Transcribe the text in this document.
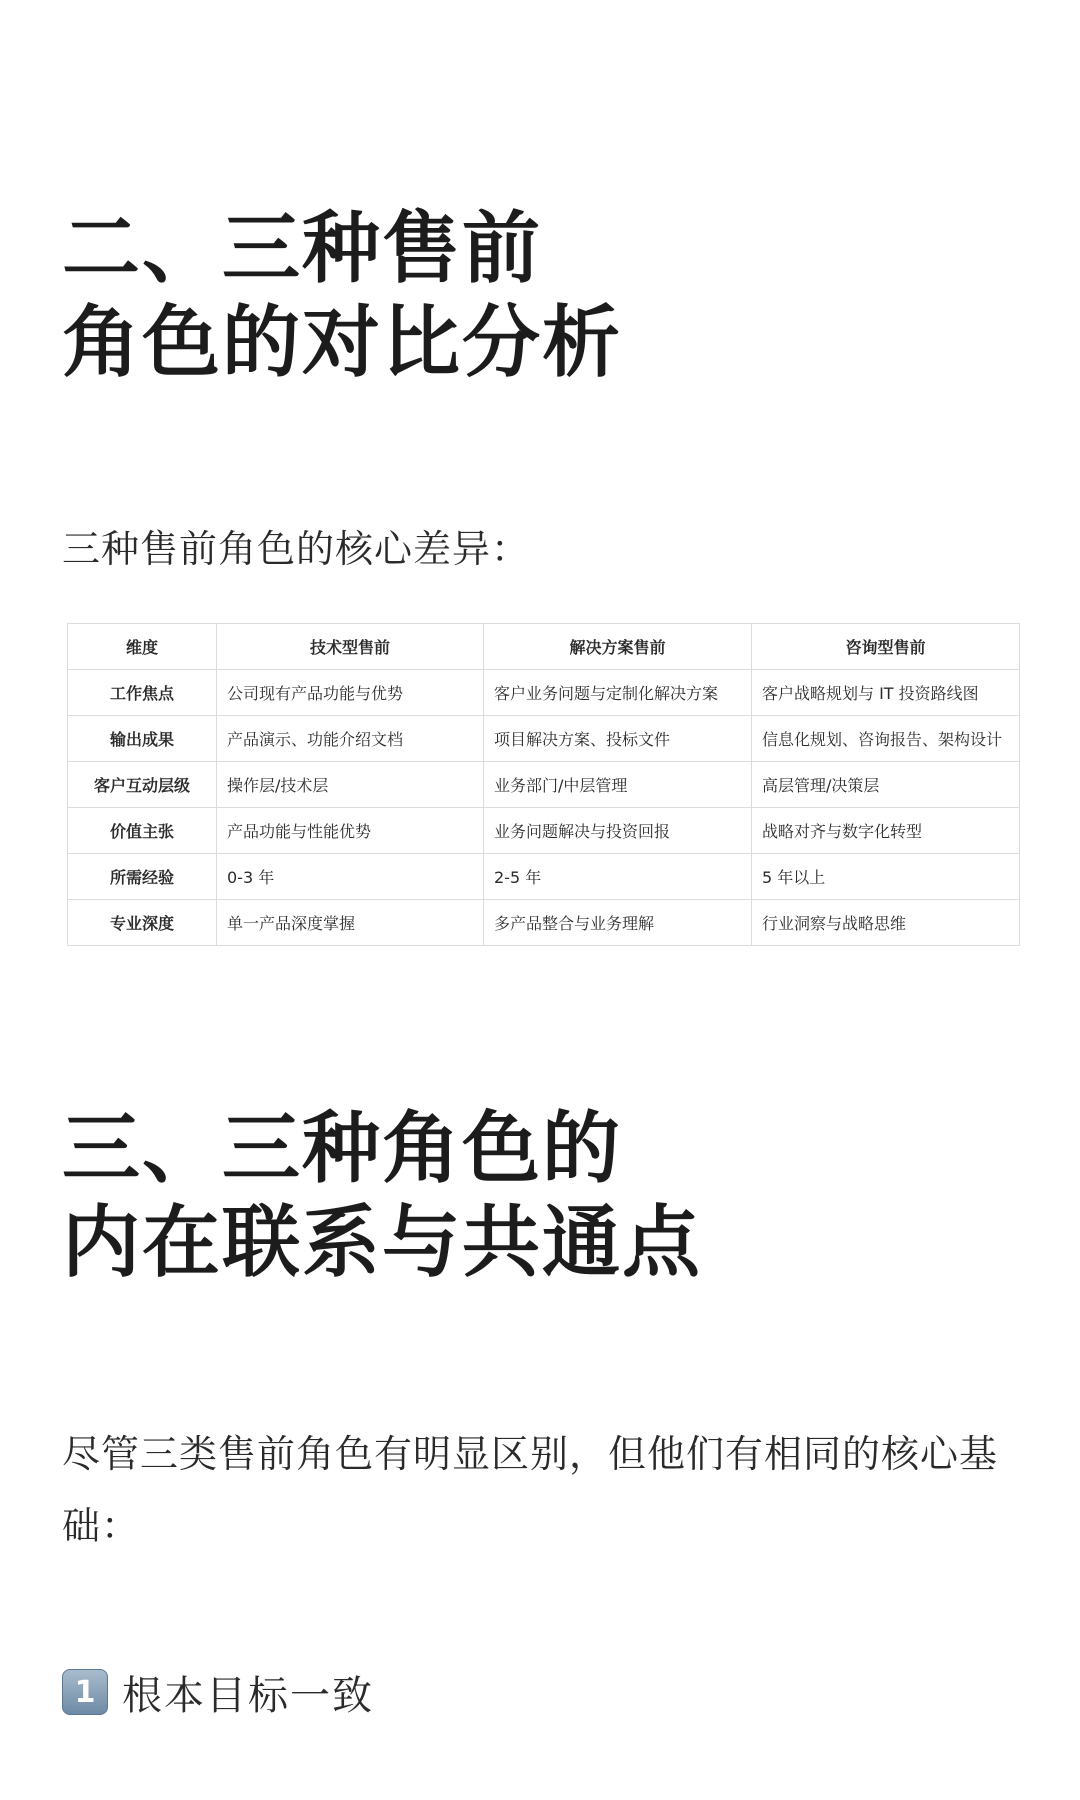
二、三种售前
角色的对比分析

三种售前角色的核心差异：

维度	技术型售前	解决方案售前	咨询型售前
工作焦点	公司现有产品功能与优势	客户业务问题与定制化解决方案	客户战略规划与 IT 投资路线图
输出成果	产品演示、功能介绍文档	项目解决方案、投标文件	信息化规划、咨询报告、架构设计
客户互动层级	操作层/技术层	业务部门/中层管理	高层管理/决策层
价值主张	产品功能与性能优势	业务问题解决与投资回报	战略对齐与数字化转型
所需经验	0-3 年	2-5 年	5 年以上
专业深度	单一产品深度掌握	多产品整合与业务理解	行业洞察与战略思维
三、三种角色的
内在联系与共通点

尽管三类售前角色有明显区别，但他们有相同的核心基础：

1 根本目标一致
